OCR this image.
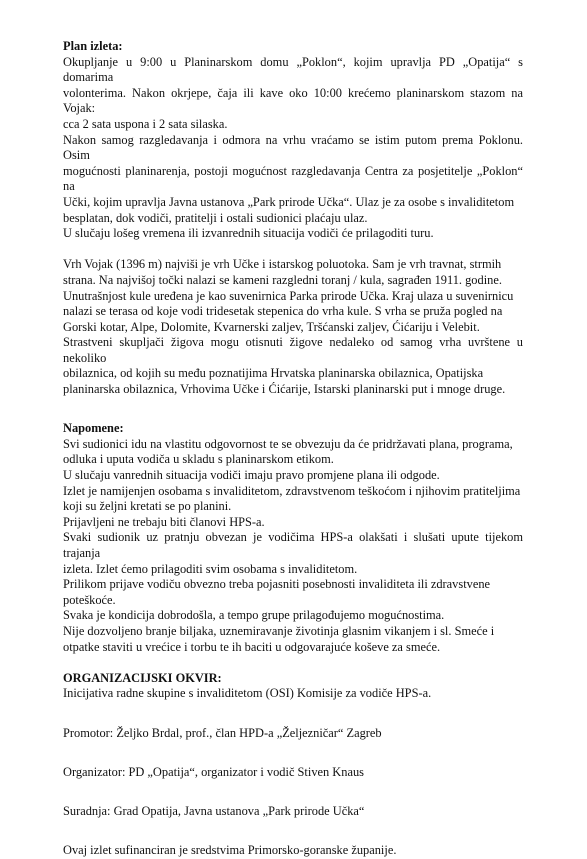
Plan izleta:

Okupljanje u 9:00 u Planinarskom domu „Poklon“, kojim upravlja PD „Opatija“ s domarima
volonterima. Nakon okrjepe, čaja ili kave oko 10:00 krećemo planinarskom stazom na Vojak:
cca 2 sata uspona i 2 sata silaska.
Nakon samog razgledavanja i odmora na vrhu vraćamo se istim putom prema Poklonu. Osim
mogućnosti planinarenja, postoji mogućnost razgledavanja Centra za posjetitelje „Poklon“ na
Učki, kojim upravlja Javna ustanova „Park prirode Učka“. Ulaz je za osobe s invaliditetom
besplatan, dok vodiči, pratitelji i ostali sudionici plaćaju ulaz.
U slučaju lošeg vremena ili izvanrednih situacija vodiči će prilagoditi turu.
Vrh Vojak (1396 m) najviši je vrh Učke i istarskog poluotoka. Sam je vrh travnat, strmih
strana. Na najvišoj točki nalazi se kameni razgledni toranj / kula, sagrađen 1911. godine.
Unutrašnjost kule uređena je kao suvenirnica Parka prirode Učka. Kraj ulaza u suvenirnicu
nalazi se terasa od koje vodi tridesetak stepenica do vrha kule. S vrha se pruža pogled na
Gorski kotar, Alpe, Dolomite, Kvarnerski zaljev, Tršćanski zaljev, Ćićariju i Velebit.
Strastveni skupljači žigova mogu otisnuti žigove nedaleko od samog vrha uvrštene u nekoliko
obilaznica, od kojih su među poznatijima Hrvatska planinarska obilaznica, Opatijska
planinarska obilaznica, Vrhovima Učke i Ćićarije, Istarski planinarski put i mnoge druge.

Napomene:

Svi sudionici idu na vlastitu odgovornost te se obvezuju da će pridržavati plana, programa,
odluka i uputa vodiča u skladu s planinarskom etikom.
U slučaju vanrednih situacija vodiči imaju pravo promjene plana ili odgode.
Izlet je namijenjen osobama s invaliditetom, zdravstvenom teškoćom i njihovim pratiteljima
koji su željni kretati se po planini.
Prijavljeni ne trebaju biti članovi HPS-a.
Svaki sudionik uz pratnju obvezan je vodičima HPS-a olakšati i slušati upute tijekom trajanja
izleta. Izlet ćemo prilagoditi svim osobama s invaliditetom.
Prilikom prijave vodiču obvezno treba pojasniti posebnosti invaliditeta ili zdravstvene
poteškoće.
Svaka je kondicija dobrodošla, a tempo grupe prilagođujemo mogućnostima.
Nije dozvoljeno branje biljaka, uznemiravanje životinja glasnim vikanjem i sl. Smeće i
otpatke staviti u vrećice i torbu te ih baciti u odgovarajuće koševe za smeće.

ORGANIZACIJSKI OKVIR:

Inicijativa radne skupine s invaliditetom (OSI) Komisije za vodiče HPS-a.
Promotor: Željko Brdal, prof., član HPD-a „Željezničar“ Zagreb
Organizator: PD „Opatija“, organizator i vodič Stiven Knaus
Suradnja: Grad Opatija, Javna ustanova „Park prirode Učka“
Ovaj izlet sufinanciran je sredstvima Primorsko-goranske županije.
